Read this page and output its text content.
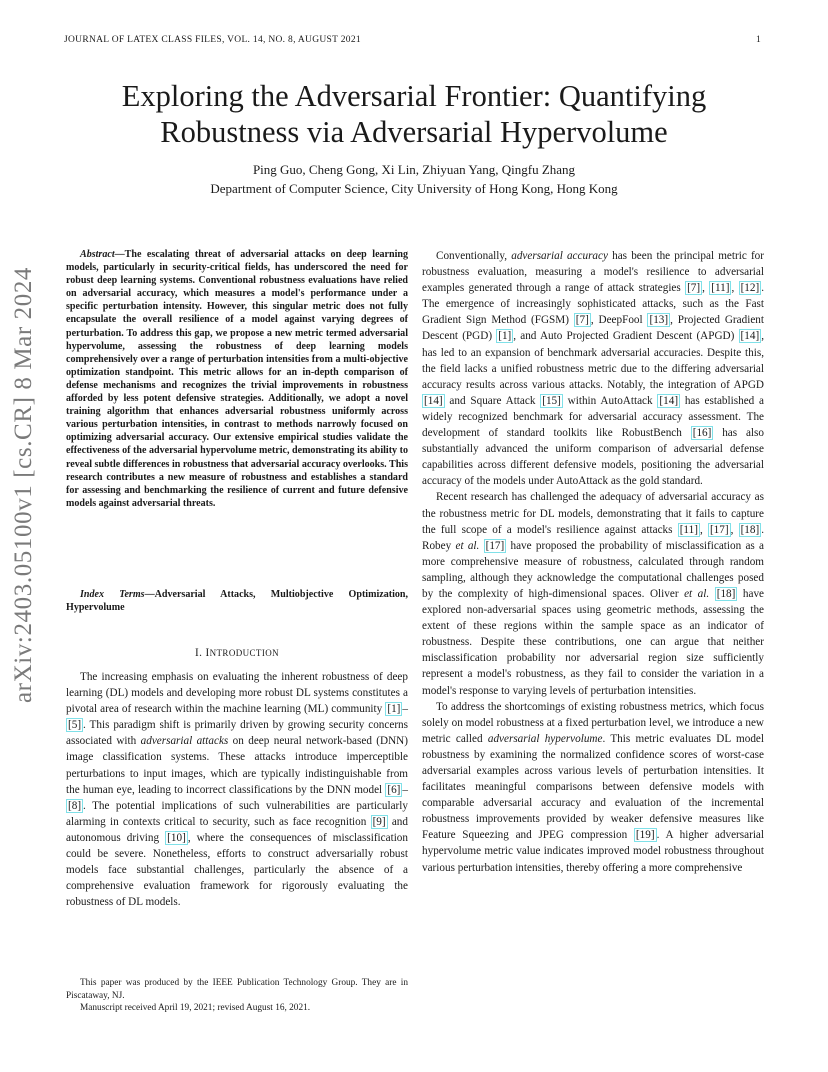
JOURNAL OF LATEX CLASS FILES, VOL. 14, NO. 8, AUGUST 2021	1
arXiv:2403.05100v1 [cs.CR] 8 Mar 2024
Exploring the Adversarial Frontier: Quantifying
Robustness via Adversarial Hypervolume
Ping Guo, Cheng Gong, Xi Lin, Zhiyuan Yang, Qingfu Zhang
Department of Computer Science, City University of Hong Kong, Hong Kong

Abstract—The escalating threat of adversarial attacks on deep learning models, particularly in security-critical fields, has underscored the need for robust deep learning systems. Conventional robustness evaluations have relied on adversarial accuracy, which measures a model's performance under a specific perturbation intensity. However, this singular metric does not fully encapsulate the overall resilience of a model against varying degrees of perturbation. To address this gap, we propose a new metric termed adversarial hypervolume, assessing the robustness of deep learning models comprehensively over a range of perturbation intensities from a multi-objective optimization standpoint. This metric allows for an in-depth comparison of defense mechanisms and recognizes the trivial improvements in robustness afforded by less potent defensive strategies. Additionally, we adopt a novel training algorithm that enhances adversarial robustness uniformly across various perturbation intensities, in contrast to methods narrowly focused on optimizing adversarial accuracy. Our extensive empirical studies validate the effectiveness of the adversarial hypervolume metric, demonstrating its ability to reveal subtle differences in robustness that adversarial accuracy overlooks. This research contributes a new measure of robustness and establishes a standard for assessing and benchmarking the resilience of current and future defensive models against adversarial threats.

Index Terms—Adversarial Attacks, Multiobjective Optimization, Hypervolume

I. INTRODUCTION

The increasing emphasis on evaluating the inherent robustness of deep learning (DL) models and developing more robust DL systems constitutes a pivotal area of research within the machine learning (ML) community [1] –[5] . This paradigm shift is primarily driven by growing security concerns associated with adversarial attacks on deep neural network-based (DNN) image classification systems. These attacks introduce imperceptible perturbations to input images, which are typically indistinguishable from the human eye, leading to incorrect classifications by the DNN model [6] –[8] . The potential implications of such vulnerabilities are particularly alarming in contexts critical to security, such as face recognition [9] and autonomous driving [10] , where the consequences of misclassification could be severe. Nonetheless, efforts to construct adversarially robust models face substantial challenges, particularly the absence of a comprehensive evaluation framework for rigorously evaluating the robustness of DL models.

This paper was produced by the IEEE Publication Technology Group. They are in Piscataway, NJ.

Manuscript received April 19, 2021; revised August 16, 2021.

Conventionally, adversarial accuracy has been the principal metric for robustness evaluation, measuring a model's resilience to adversarial examples generated through a range of attack strategies [7] , [11] , [12] . The emergence of increasingly sophisticated attacks, such as the Fast Gradient Sign Method (FGSM) [7] , DeepFool [13] , Projected Gradient Descent (PGD) [1] , and Auto Projected Gradient Descent (APGD) [14] , has led to an expansion of benchmark adversarial accuracies. Despite this, the field lacks a unified robustness metric due to the differing adversarial accuracy results across various attacks. Notably, the integration of APGD [14] and Square Attack [15] within AutoAttack [14] has established a widely recognized benchmark for adversarial accuracy assessment. The development of standard toolkits like RobustBench [16] has also substantially advanced the uniform comparison of adversarial defense capabilities across different defensive models, positioning the adversarial accuracy of the models under AutoAttack as the gold standard.

Recent research has challenged the adequacy of adversarial accuracy as the robustness metric for DL models, demonstrating that it fails to capture the full scope of a model's resilience against attacks [11] , [17] , [18] . Robey et al. [17] have proposed the probability of misclassification as a more comprehensive measure of robustness, calculated through random sampling, although they acknowledge the computational challenges posed by the complexity of high-dimensional spaces. Oliver et al. [18] have explored non-adversarial spaces using geometric methods, assessing the extent of these regions within the sample space as an indicator of robustness. Despite these contributions, one can argue that neither misclassification probability nor adversarial region size sufficiently represent a model's robustness, as they fail to consider the variation in a model's response to varying levels of perturbation intensities.

To address the shortcomings of existing robustness metrics, which focus solely on model robustness at a fixed perturbation level, we introduce a new metric called adversarial hypervolume. This metric evaluates DL model robustness by examining the normalized confidence scores of worst-case adversarial examples across various levels of perturbation intensities. It facilitates meaningful comparisons between defensive models with comparable adversarial accuracy and evaluation of the incremental robustness improvements provided by weaker defensive measures like Feature Squeezing and JPEG compression [19] . A higher adversarial hypervolume metric value indicates improved model robustness throughout various perturbation intensities, thereby offering a more comprehensive
